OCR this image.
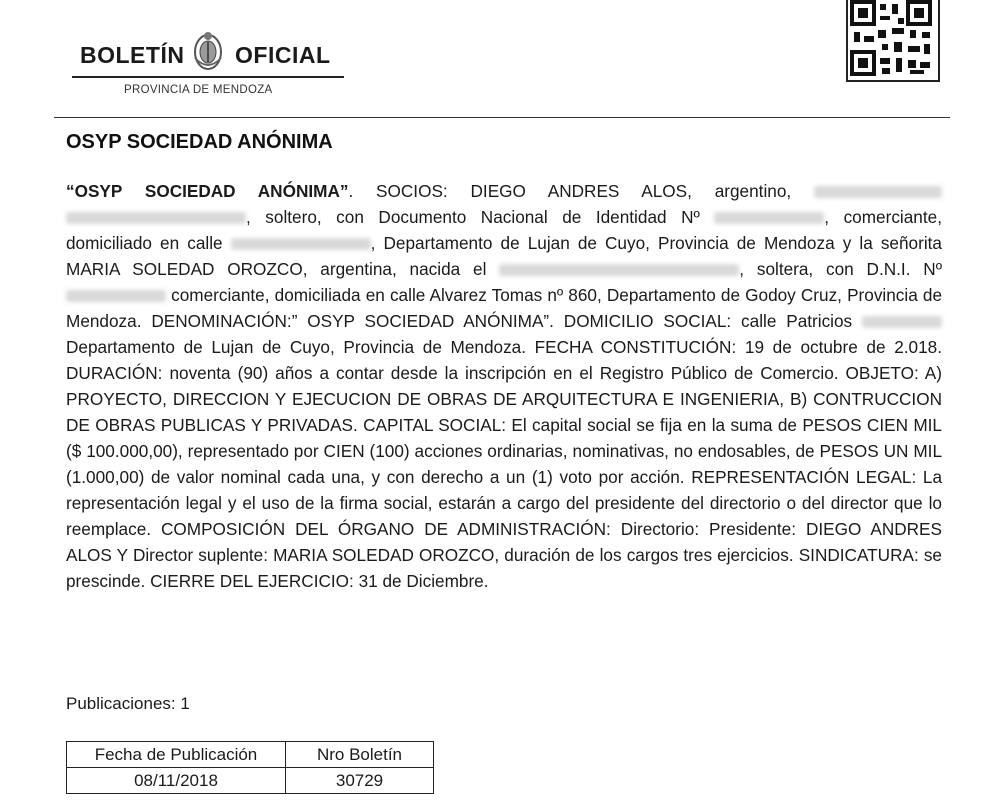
BOLETÍN OFICIAL
PROVINCIA DE MENDOZA
OSYP SOCIEDAD ANÓNIMA
“OSYP SOCIEDAD ANÓNIMA”. SOCIOS: DIEGO ANDRES ALOS, argentino,  , soltero, con Documento Nacional de Identidad Nº	, comerciante, domiciliado en calle	, Departamento de Lujan de Cuyo, Provincia de Mendoza y la señorita MARIA SOLEDAD OROZCO, argentina, nacida el	, soltera, con D.N.I. Nº  comerciante, domiciliada en calle Alvarez Tomas nº 860, Departamento de Godoy Cruz, Provincia de Mendoza. DENOMINACIÓN:” OSYP SOCIEDAD ANÓNIMA”. DOMICILIO SOCIAL: calle Patricios  Departamento de Lujan de Cuyo, Provincia de Mendoza. FECHA CONSTITUCIÓN: 19 de octubre de 2.018. DURACIÓN: noventa (90) años a contar desde la inscripción en el Registro Público de Comercio. OBJETO: A) PROYECTO, DIRECCION Y EJECUCION DE OBRAS DE ARQUITECTURA E INGENIERIA, B) CONTRUCCION DE OBRAS PUBLICAS Y PRIVADAS. CAPITAL SOCIAL: El capital social se fija en la suma de PESOS CIEN MIL ($ 100.000,00), representado por CIEN (100) acciones ordinarias, nominativas, no endosables, de PESOS UN MIL (1.000,00) de valor nominal cada una, y con derecho a un (1) voto por acción. REPRESENTACIÓN LEGAL: La representación legal y el uso de la firma social, estarán a cargo del presidente del directorio o del director que lo reemplace. COMPOSICIÓN DEL ÓRGANO DE ADMINISTRACIÓN: Directorio: Presidente: DIEGO ANDRES ALOS Y Director suplente: MARIA SOLEDAD OROZCO, duración de los cargos tres ejercicios. SINDICATURA: se prescinde. CIERRE DEL EJERCICIO: 31 de Diciembre.
Publicaciones: 1
Fecha de Publicación	Nro Boletín
08/11/2018	30729
